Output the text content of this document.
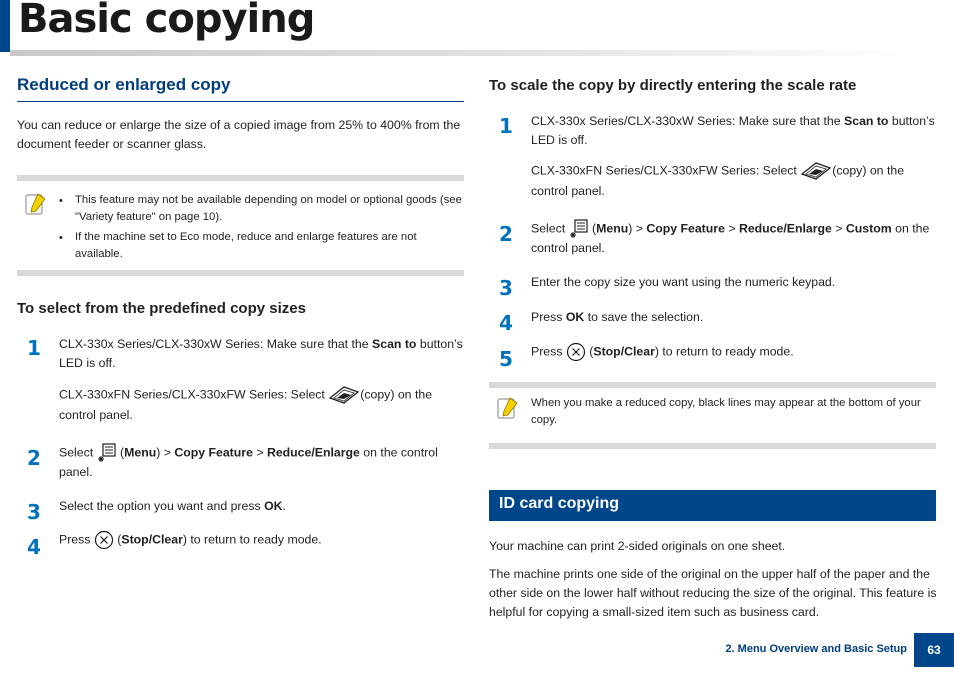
Basic copying
Reduced or enlarged copy
You can reduce or enlarge the size of a copied image from 25% to 400% from the document feeder or scanner glass.
• This feature may not be available depending on model or optional goods (see "Variety feature" on page 10).
• If the machine set to Eco mode, reduce and enlarge features are not available.
To select from the predefined copy sizes
1 CLX-330x Series/CLX-330xW Series: Make sure that the Scan to button’s LED is off.
CLX-330xFN Series/CLX-330xFW Series: Select	(copy) on the control panel.
2 Select  (Menu) > Copy Feature > Reduce/Enlarge on the control panel.
3 Select the option you want and press OK.
4 Press  (Stop/Clear) to return to ready mode.
To scale the copy by directly entering the scale rate
1 CLX-330x Series/CLX-330xW Series: Make sure that the Scan to button’s LED is off.
CLX-330xFN Series/CLX-330xFW Series: Select	(copy) on the control panel.
2 Select  (Menu) > Copy Feature > Reduce/Enlarge > Custom on the control panel.
3 Enter the copy size you want using the numeric keypad.
4 Press OK to save the selection.
5 Press  (Stop/Clear) to return to ready mode.
When you make a reduced copy, black lines may appear at the bottom of your copy.
ID card copying
Your machine can print 2-sided originals on one sheet.
The machine prints one side of the original on the upper half of the paper and the other side on the lower half without reducing the size of the original. This feature is helpful for copying a small-sized item such as business card.
2. Menu Overview and Basic Setup	63
